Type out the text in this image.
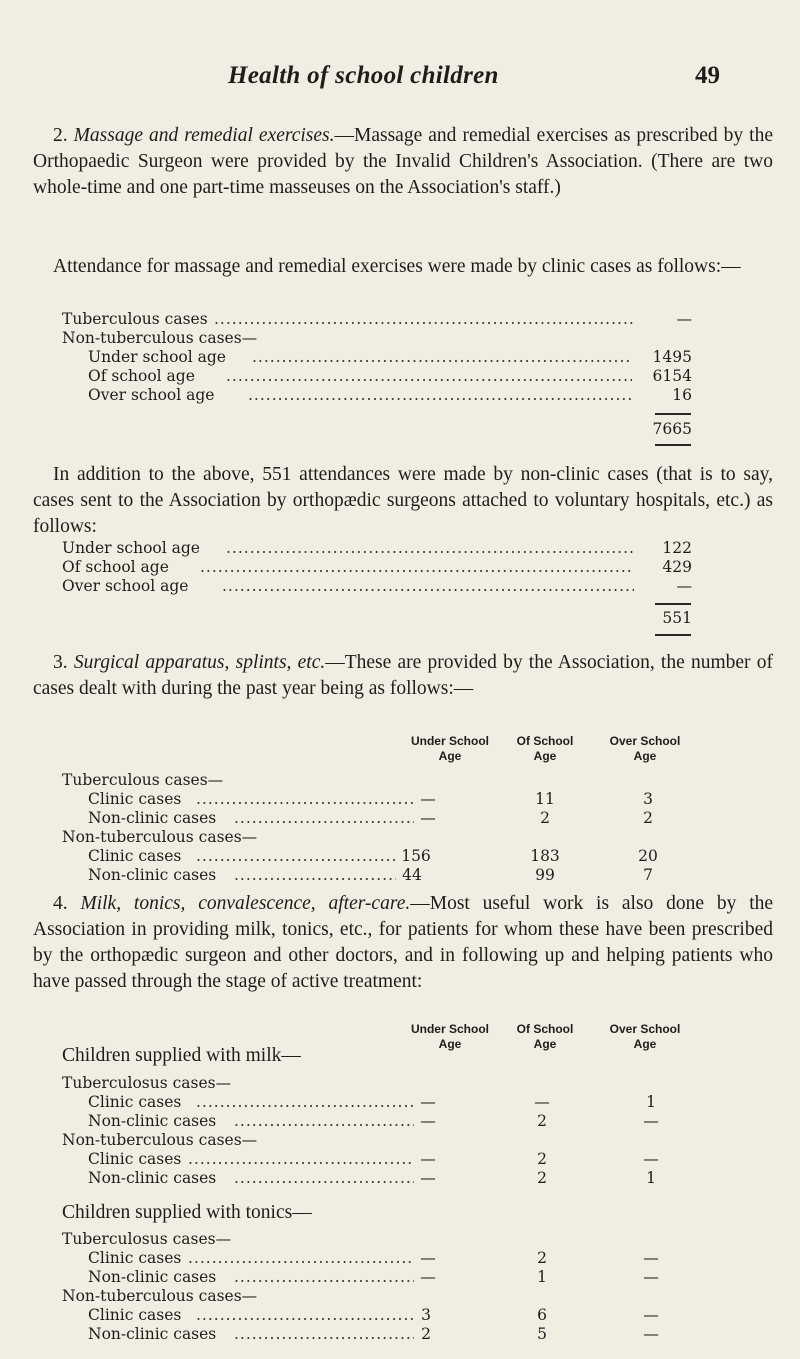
Health of school children	49

2. Massage and remedial exercises.—Massage and remedial exercises as prescribed by the Orthopaedic Surgeon were provided by the Invalid Children's Association. (There are two whole-time and one part-time masseuses on the Association's staff.)

Attendance for massage and remedial exercises were made by clinic cases as follows:—

Tuberculous cases .....	—
Non-tuberculous cases—
Under school age .....	1495
Of school age .....	6154
Over school age .....	16
7665

In addition to the above, 551 attendances were made by non-clinic cases (that is to say, cases sent to the Association by orthopædic surgeons attached to voluntary hospitals, etc.) as follows:

Under school age .....	122
Of school age .....	429
Over school age .....	—
551

3. Surgical apparatus, splints, etc.—These are provided by the Association, the number of cases dealt with during the past year being as follows:—

Under School
Age
Of School
Age
Over School
Age
Tuberculous cases—
Clinic cases .....	—	11	3
Non-clinic cases .....	—	2	2
Non-tuberculous cases—
Clinic cases .....	156	183	20
Non-clinic cases .....	44	99	7

4. Milk, tonics, convalescence, after-care.—Most useful work is also done by the Association in providing milk, tonics, etc., for patients for whom these have been prescribed by the orthopædic surgeon and other doctors, and in following up and helping patients who have passed through the stage of active treatment:

Under School
Age
Of School
Age
Over School
Age
Children supplied with milk—
Tuberculosus cases—
Clinic cases .....	—	—	1
Non-clinic cases .....	—	2	—
Non-tuberculous cases—
Clinic cases .....	—	2	—
Non-clinic cases .....	—	2	1
Children supplied with tonics—
Tuberculosus cases—
Clinic cases .....	—	2	—
Non-clinic cases .....	—	1	—
Non-tuberculous cases—
Clinic cases .....	3	6	—
Non-clinic cases .....	2	5	—
